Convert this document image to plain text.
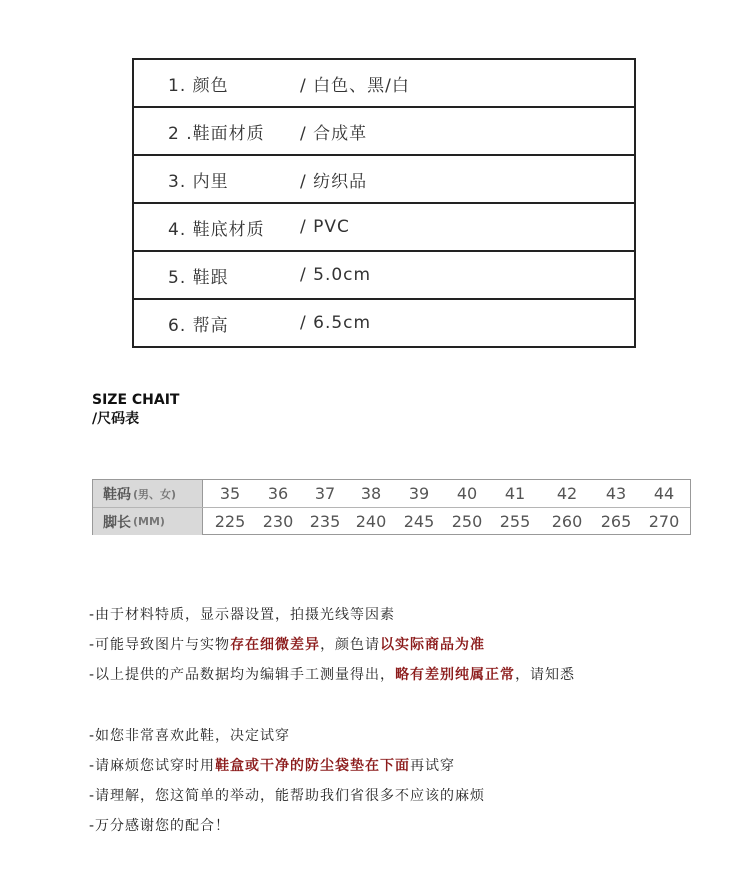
1. 颜色	/ 白色、黑/白
2 .鞋面材质	/ 合成革
3. 内里	/ 纺织品
4. 鞋底材质	/ PVC
5. 鞋跟	/ 5.0cm
6. 帮高	/ 6.5cm
SIZE CHAIT
/尺码表
鞋码 (男、女)	35	36	37	38	39	40	41	42	43	44
脚长 (MM)	225 230 235 240 245 250 255 260 265 270
-由于材料特质，显示器设置，拍摄光线等因素
-可能导致图片与实物存在细微差异，颜色请以实际商品为准
-以上提供的产品数据均为编辑手工测量得出，略有差别纯属正常，请知悉
-如您非常喜欢此鞋，决定试穿
-请麻烦您试穿时用鞋盒或干净的防尘袋垫在下面再试穿
-请理解，您这简单的举动，能帮助我们省很多不应该的麻烦
-万分感谢您的配合！
